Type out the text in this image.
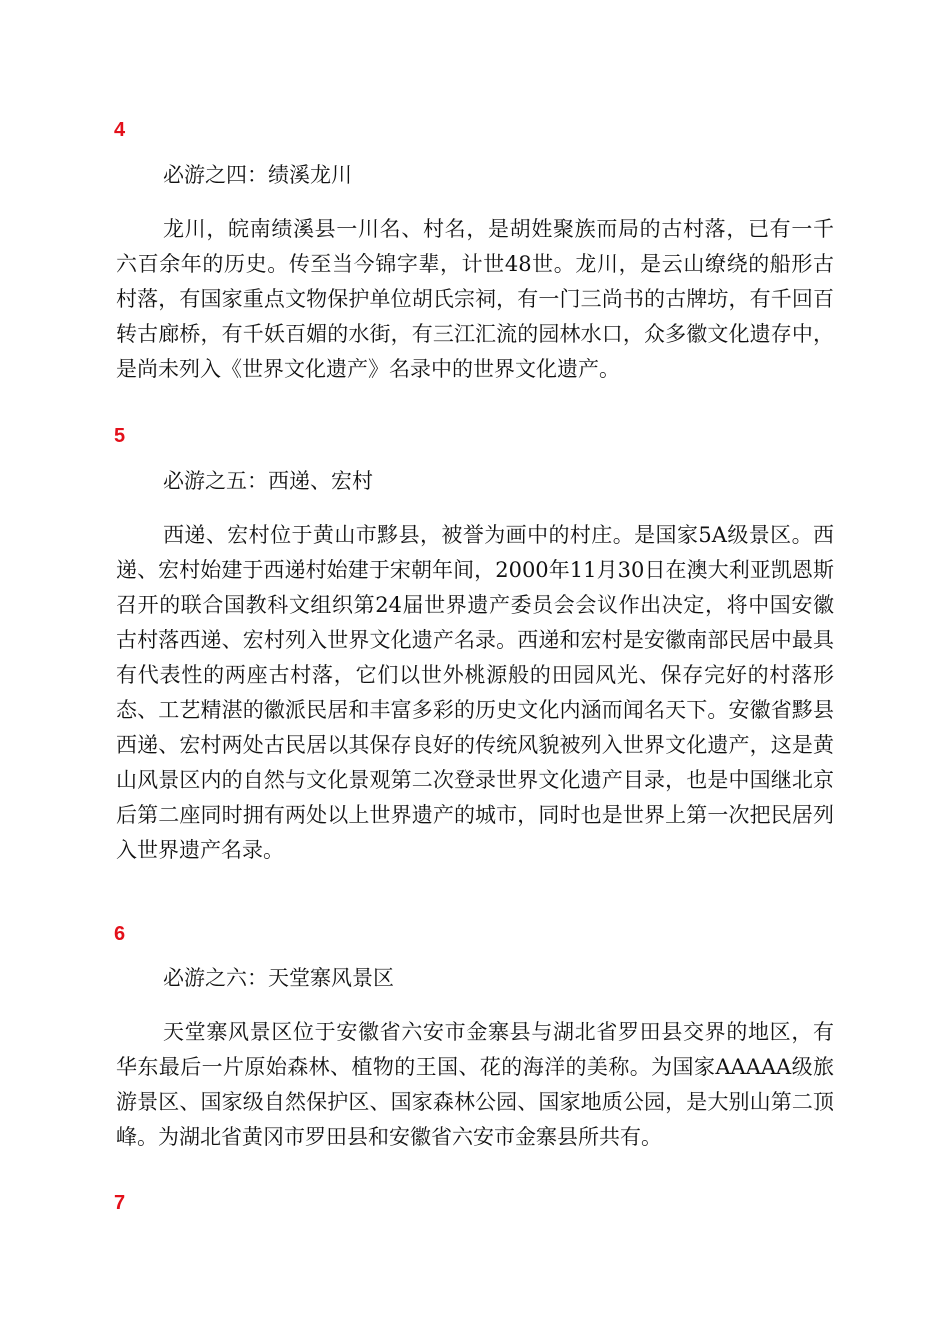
4
必游之四：绩溪龙川

龙川，皖南绩溪县一川名、村名，是胡姓聚族而局的古村落，已有一千六百余年的历史。传至当今锦字辈，计世48世。龙川，是云山缭绕的船形古村落，有国家重点文物保护单位胡氏宗祠，有一门三尚书的古牌坊，有千回百转古廊桥，有千妖百媚的水街，有三江汇流的园林水口，众多徽文化遗存中，是尚未列入《世界文化遗产》名录中的世界文化遗产。

5
必游之五：西递、宏村

西递、宏村位于黄山市黟县，被誉为画中的村庄。是国家5A级景区。西递、宏村始建于西递村始建于宋朝年间，2000年11月30日在澳大利亚凯恩斯召开的联合国教科文组织第24届世界遗产委员会会议作出决定，将中国安徽古村落西递、宏村列入世界文化遗产名录。西递和宏村是安徽南部民居中最具有代表性的两座古村落，它们以世外桃源般的田园风光、保存完好的村落形态、工艺精湛的徽派民居和丰富多彩的历史文化内涵而闻名天下。安徽省黟县西递、宏村两处古民居以其保存良好的传统风貌被列入世界文化遗产，这是黄山风景区内的自然与文化景观第二次登录世界文化遗产目录，也是中国继北京后第二座同时拥有两处以上世界遗产的城市，同时也是世界上第一次把民居列入世界遗产名录。

6
必游之六：天堂寨风景区

天堂寨风景区位于安徽省六安市金寨县与湖北省罗田县交界的地区，有华东最后一片原始森林、植物的王国、花的海洋的美称。为国家AAAAA级旅游景区、国家级自然保护区、国家森林公园、国家地质公园，是大别山第二顶峰。为湖北省黄冈市罗田县和安徽省六安市金寨县所共有。

7
